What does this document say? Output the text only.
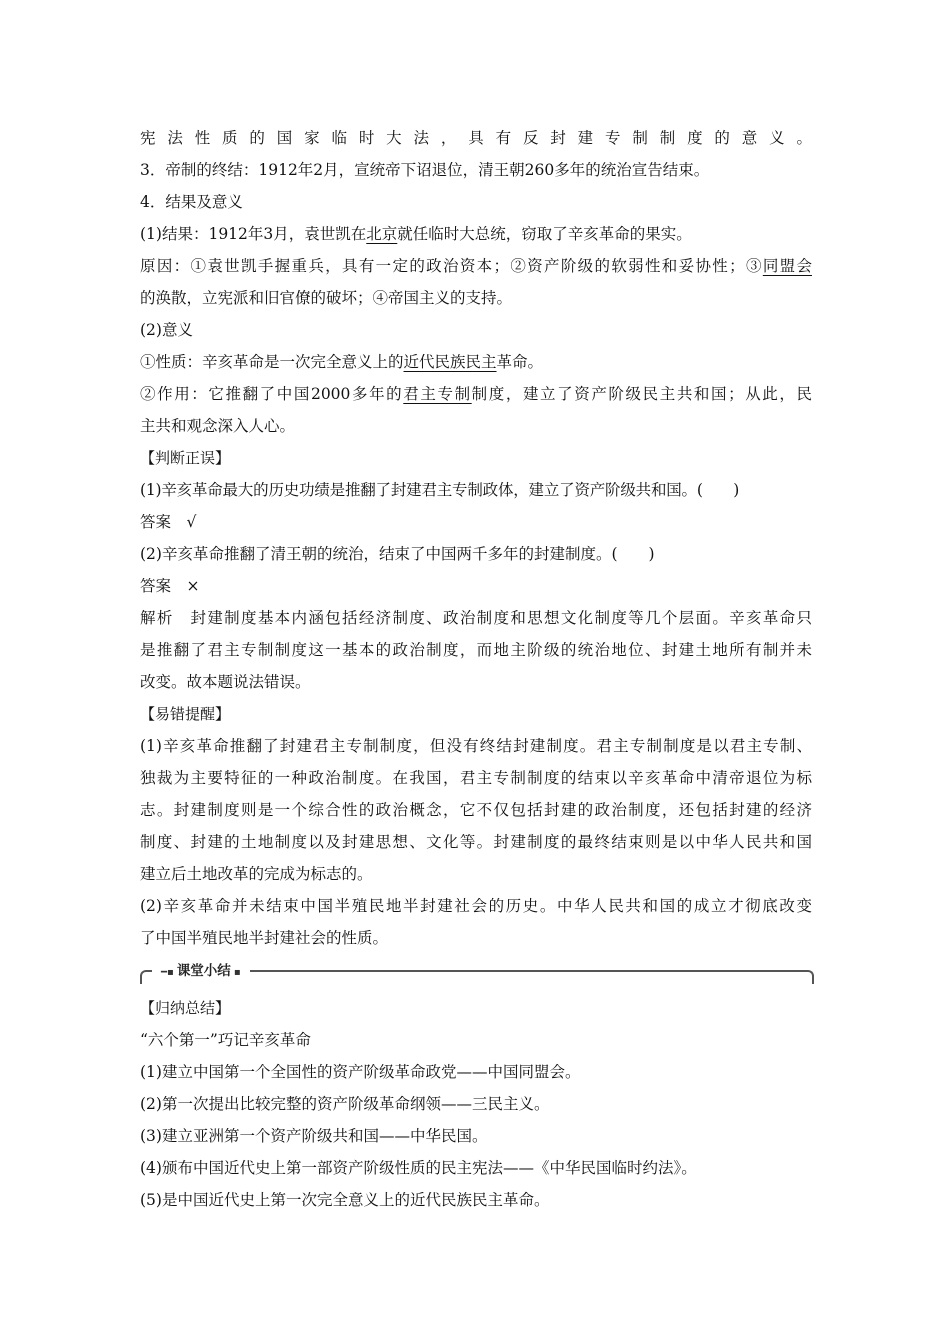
宪法性质的国家临时大法，具有反封建专制制度的意义。
3．帝制的终结：1912年2月，宣统帝下诏退位，清王朝260多年的统治宣告结束。
4．结果及意义
(1)结果：1912年3月，袁世凯在北京就任临时大总统，窃取了辛亥革命的果实。
原因：①袁世凯手握重兵，具有一定的政治资本；②资产阶级的软弱性和妥协性；③同盟会
的涣散，立宪派和旧官僚的破坏；④帝国主义的支持。
(2)意义
①性质：辛亥革命是一次完全意义上的近代民族民主革命。
②作用：它推翻了中国2000多年的君主专制制度，建立了资产阶级民主共和国；从此，民
主共和观念深入人心。
【判断正误】
(1)辛亥革命最大的历史功绩是推翻了封建君主专制政体，建立了资产阶级共和国。(　　)
答案　√
(2)辛亥革命推翻了清王朝的统治，结束了中国两千多年的封建制度。(　　)
答案　×
解析　封建制度基本内涵包括经济制度、政治制度和思想文化制度等几个层面。辛亥革命只
是推翻了君主专制制度这一基本的政治制度，而地主阶级的统治地位、封建土地所有制并未
改变。故本题说法错误。
【易错提醒】
(1)辛亥革命推翻了封建君主专制制度，但没有终结封建制度。君主专制制度是以君主专制、
独裁为主要特征的一种政治制度。在我国，君主专制制度的结束以辛亥革命中清帝退位为标
志。封建制度则是一个综合性的政治概念，它不仅包括封建的政治制度，还包括封建的经济
制度、封建的土地制度以及封建思想、文化等。封建制度的最终结束则是以中华人民共和国
建立后土地改革的完成为标志的。
(2)辛亥革命并未结束中国半殖民地半封建社会的历史。中华人民共和国的成立才彻底改变
了中国半殖民地半封建社会的性质。
━▪ 课堂小结 ▪
【归纳总结】
“六个第一”巧记辛亥革命
(1)建立中国第一个全国性的资产阶级革命政党——中国同盟会。
(2)第一次提出比较完整的资产阶级革命纲领——三民主义。
(3)建立亚洲第一个资产阶级共和国——中华民国。
(4)颁布中国近代史上第一部资产阶级性质的民主宪法——《中华民国临时约法》。
(5)是中国近代史上第一次完全意义上的近代民族民主革命。
